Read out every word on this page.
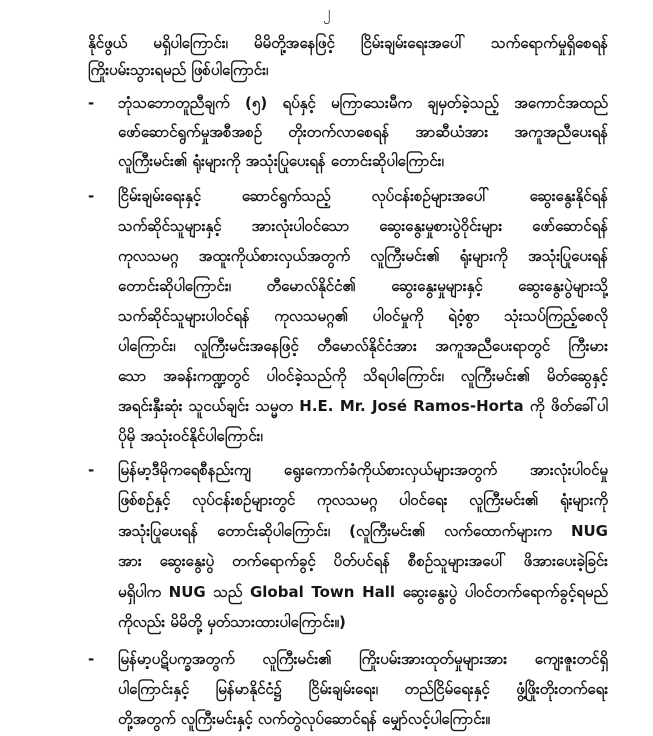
၂
နိုင်ဖွယ် မရှိပါကြောင်း၊ မိမိတို့အနေဖြင့် ငြိမ်းချမ်းရေးအပေါ် သက်ရောက်မှုရှိစေရန်
ကြိုးပမ်းသွားရမည် ဖြစ်ပါကြောင်း၊
-	ဘုံသဘောတူညီချက် (၅) ရပ်နှင့် မကြာသေးမီက ချမှတ်ခဲ့သည့် အကောင်အထည်
ဖော်ဆောင်ရွက်မှုအစီအစဉ် တိုးတက်လာစေရန် အာဆီယံအား အကူအညီပေးရန်
လူကြီးမင်း၏ ရုံးများကို အသုံးပြုပေးရန် တောင်းဆိုပါကြောင်း၊
-	ငြိမ်းချမ်းရေးနှင့် ဆောင်ရွက်သည့် လုပ်ငန်းစဉ်များအပေါ် ဆွေးနွေးနိုင်ရန်
သက်ဆိုင်သူများနှင့် အားလုံးပါဝင်သော ဆွေးနွေးမှုစားပွဲဝိုင်းများ ဖော်ဆောင်ရန်
ကုလသမဂ္ဂ အထူးကိုယ်စားလှယ်အတွက် လူကြီးမင်း၏ ရုံးများကို အသုံးပြုပေးရန်
တောင်းဆိုပါကြောင်း၊ တီမောလ်နိုင်ငံ၏ ဆွေးနွေးမှုများနှင့် ဆွေးနွေးပွဲများသို့
သက်ဆိုင်သူများပါဝင်ရန် ကုလသမဂ္ဂ၏ ပါဝင်မှုကို ရဲဝံ့စွာ သုံးသပ်ကြည့်စေလို
ပါကြောင်း၊ လူကြီးမင်းအနေဖြင့် တီမောလ်နိုင်ငံအား အကူအညီပေးရာတွင် ကြီးမား
သော အခန်းကဏ္ဍတွင် ပါဝင်ခဲ့သည်ကို သိရပါကြောင်း၊ လူကြီးမင်း၏ မိတ်ဆွေနှင့်
အရင်းနှီးဆုံး သူငယ်ချင်း သမ္မတ H.E. Mr. José Ramos-Horta ကို ဖိတ်ခေါ်ပါ
ပိုမို အသုံးဝင်နိုင်ပါကြောင်း၊
-	မြန်မာ့ဒီမိုကရေစီနည်းကျ ရွေးကောက်ခံကိုယ်စားလှယ်များအတွက် အားလုံးပါဝင်မှု
ဖြစ်စဉ်နှင့် လုပ်ငန်းစဉ်များတွင် ကုလသမဂ္ဂ ပါဝင်ရေး လူကြီးမင်း၏ ရုံးများကို
အသုံးပြုပေးရန် တောင်းဆိုပါကြောင်း၊ (လူကြီးမင်း၏ လက်ထောက်များက NUG
အား ဆွေးနွေးပွဲ တက်ရောက်ခွင့် ပိတ်ပင်ရန် စီစဉ်သူများအပေါ် ဖိအားပေးခဲ့ခြင်း
မရှိပါက NUG သည် Global Town Hall ဆွေးနွေးပွဲ ပါဝင်တက်ရောက်ခွင့်ရမည်
ကိုလည်း မိမိတို့ မှတ်သားထားပါကြောင်း။)
-	မြန်မာ့ပဋိပက္ခအတွက် လူကြီးမင်း၏ ကြိုးပမ်းအားထုတ်မှုများအား ကျေးဇူးတင်ရှိ
ပါကြောင်းနှင့် မြန်မာနိုင်ငံ၌ ငြိမ်းချမ်းရေး၊ တည်ငြိမ်ရေးနှင့် ဖွံ့ဖြိုးတိုးတက်ရေး
တို့အတွက် လူကြီးမင်းနှင့် လက်တွဲလုပ်ဆောင်ရန် မျှော်လင့်ပါကြောင်း။
